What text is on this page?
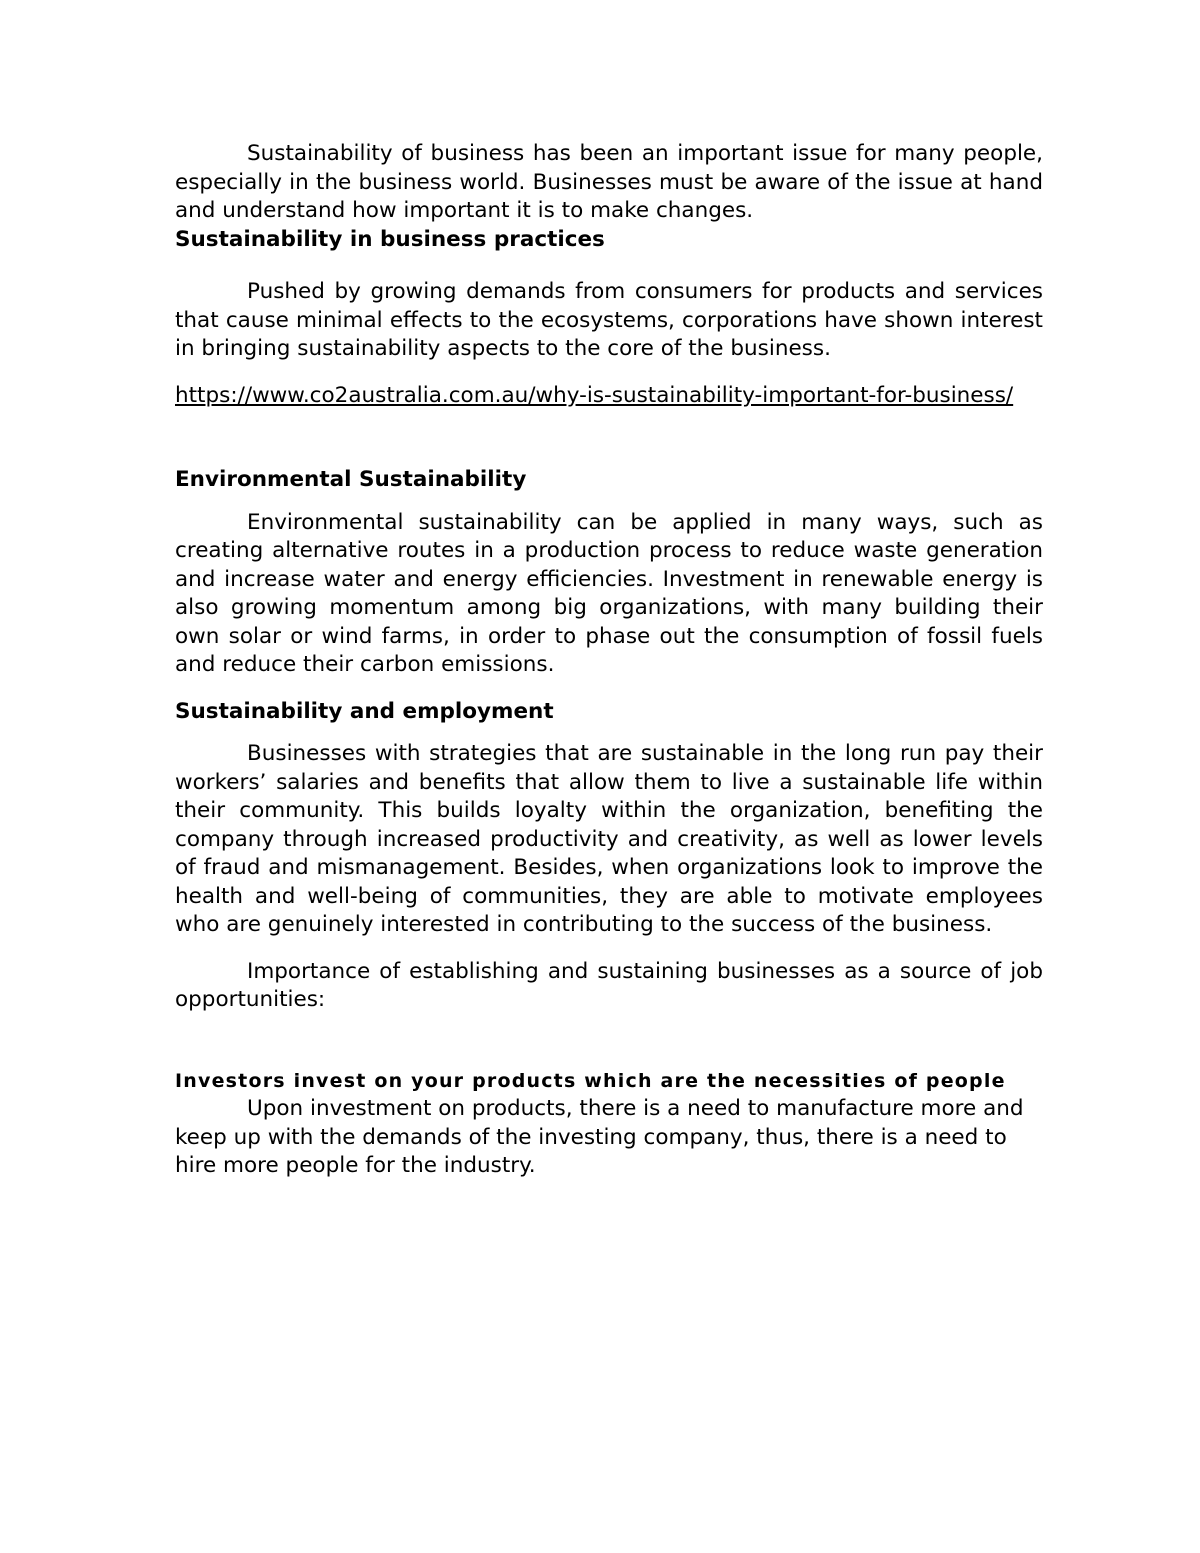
Sustainability of business has been an important issue for many people, especially in the business world. Businesses must be aware of the issue at hand and understand how important it is to make changes.

Sustainability in business practices

Pushed by growing demands from consumers for products and services that cause minimal effects to the ecosystems, corporations have shown interest in bringing sustainability aspects to the core of the business.

https://www.co2australia.com.au/why-is-sustainability-important-for-business/
Environmental Sustainability

Environmental sustainability can be applied in many ways, such as creating alternative routes in a production process to reduce waste generation and increase water and energy efficiencies. Investment in renewable energy is also growing momentum among big organizations, with many building their own solar or wind farms, in order to phase out the consumption of fossil fuels and reduce their carbon emissions.

Sustainability and employment

Businesses with strategies that are sustainable in the long run pay their workers’ salaries and benefits that allow them to live a sustainable life within their community. This builds loyalty within the organization, benefiting the company through increased productivity and creativity, as well as lower levels of fraud and mismanagement. Besides, when organizations look to improve the health and well-being of communities, they are able to motivate employees who are genuinely interested in contributing to the success of the business.

Importance of establishing and sustaining businesses as a source of job opportunities:

Investors invest on your products which are the necessities of people

Upon investment on products, there is a need to manufacture more and keep up with the demands of the investing company, thus, there is a need to hire more people for the industry.
